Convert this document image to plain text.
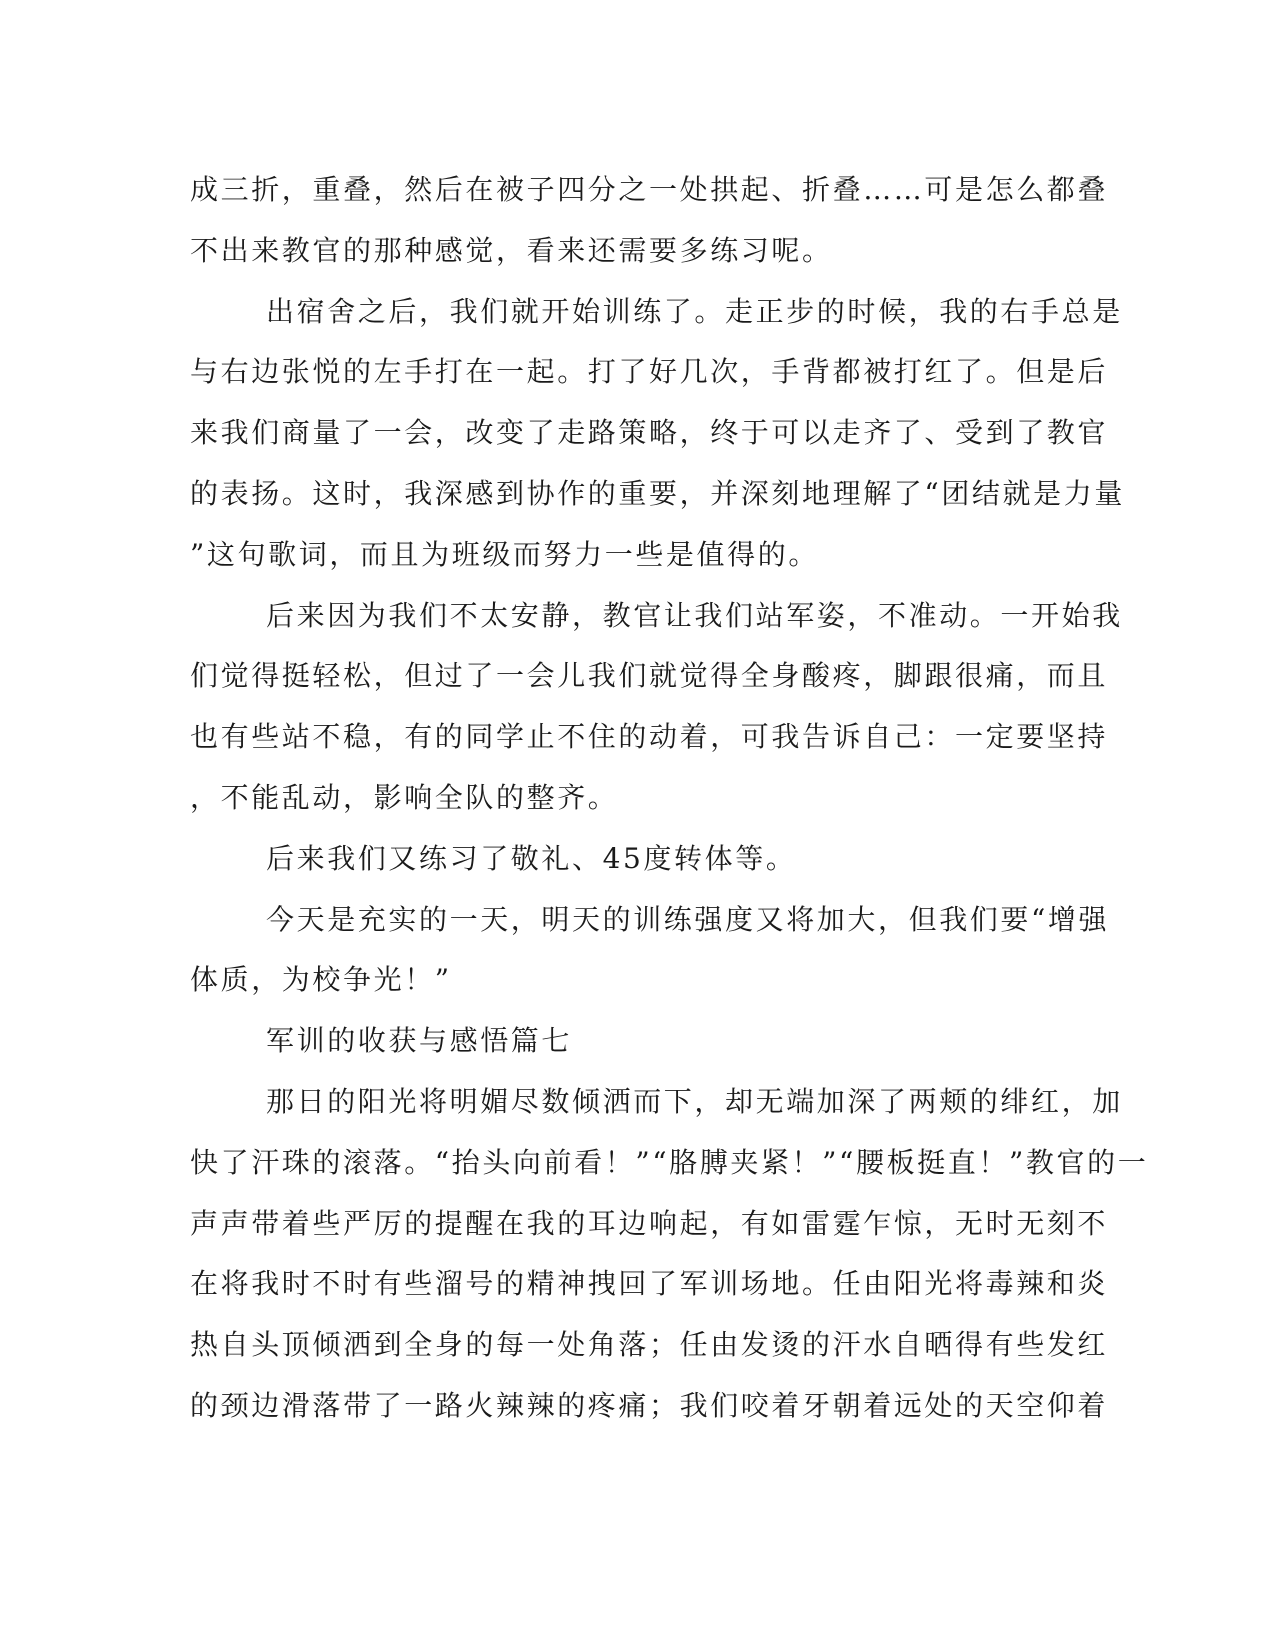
成三折，重叠，然后在被子四分之一处拱起、折叠……可是怎么都叠
不出来教官的那种感觉，看来还需要多练习呢。

出宿舍之后，我们就开始训练了。走正步的时候，我的右手总是
与右边张悦的左手打在一起。打了好几次，手背都被打红了。但是后
来我们商量了一会，改变了走路策略，终于可以走齐了、受到了教官
的表扬。这时，我深感到协作的重要，并深刻地理解了“团结就是力量
”这句歌词，而且为班级而努力一些是值得的。

后来因为我们不太安静，教官让我们站军姿，不准动。一开始我
们觉得挺轻松，但过了一会儿我们就觉得全身酸疼，脚跟很痛，而且
也有些站不稳，有的同学止不住的动着，可我告诉自己：一定要坚持
，不能乱动，影响全队的整齐。

后来我们又练习了敬礼、45度转体等。

今天是充实的一天，明天的训练强度又将加大，但我们要“增强
体质，为校争光！”

军训的收获与感悟篇七

那日的阳光将明媚尽数倾洒而下，却无端加深了两颊的绯红，加
快了汗珠的滚落。“抬头向前看！”“胳膊夹紧！”“腰板挺直！”教官的一
声声带着些严厉的提醒在我的耳边响起，有如雷霆乍惊，无时无刻不
在将我时不时有些溜号的精神拽回了军训场地。任由阳光将毒辣和炎
热自头顶倾洒到全身的每一处角落；任由发烫的汗水自晒得有些发红
的颈边滑落带了一路火辣辣的疼痛；我们咬着牙朝着远处的天空仰着
